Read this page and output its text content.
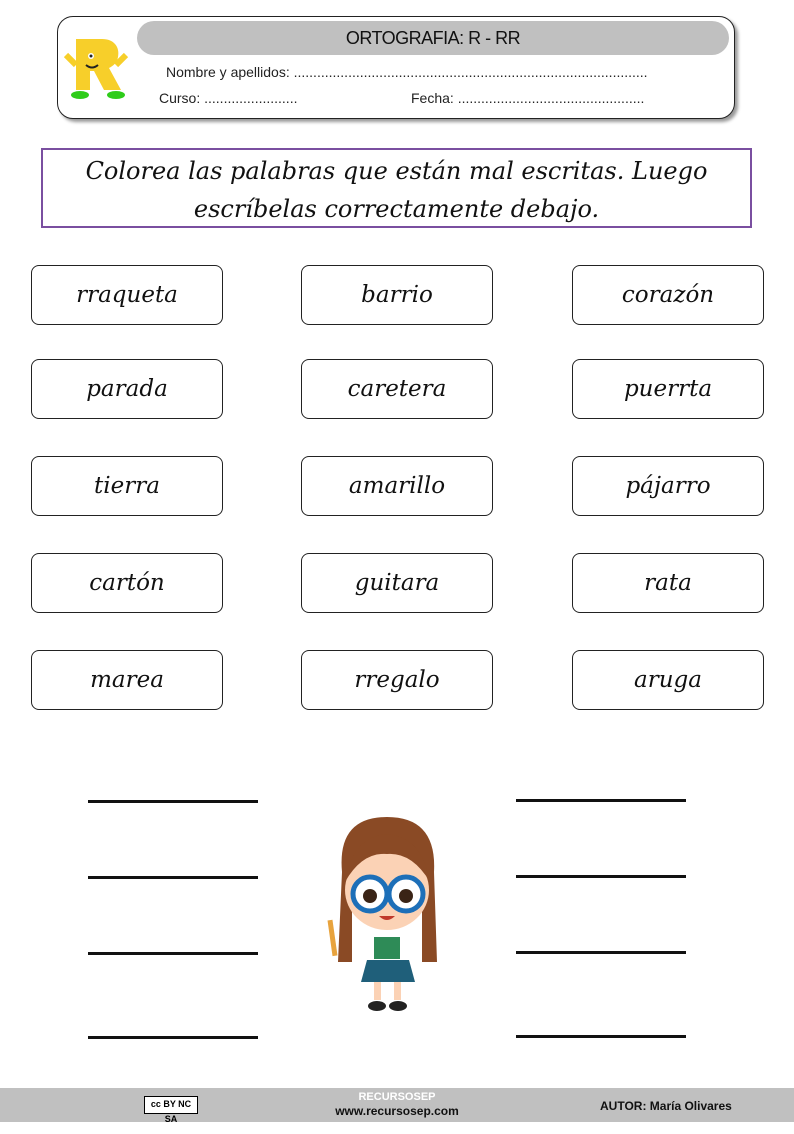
ORTOGRAFIA: R - RR
Nombre y apellidos: ...........................................................................................
Curso: ........................	Fecha: ................................................
Colorea las palabras que están mal escritas. Luego escríbelas correctamente debajo.
rraqueta	barrio	corazón
parada	caretera	puerrta
tierra	amarillo	pájarro
cartón	guitara	rata
marea	rregalo	aruga
cc BY NC SA
RECURSOSEP
www.recursosep.com	AUTOR: María Olivares
